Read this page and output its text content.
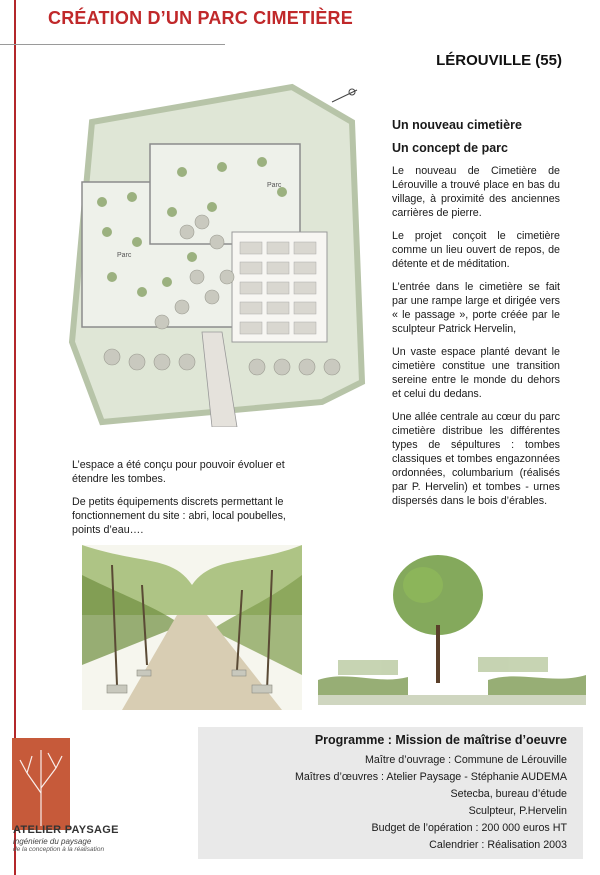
CRÉATION D’UN PARC CIMETIÈRE
LÉROUVILLE (55)
Parc
Parc
Un nouveau cimetière
Un concept de parc

Le nouveau de Cimetière de Lérouville a trouvé place en bas du village, à proximité des anciennes carrières de pierre.

Le projet conçoit le cimetière comme un lieu ouvert de repos, de détente et de méditation.

L’entrée dans le cimetière se fait par une rampe large et dirigée vers « le passage », porte créée par le sculpteur Patrick Hervelin,

Un vaste espace planté devant le cimetière constitue une transition sereine entre le monde du dehors et celui du dedans.

Une allée centrale au cœur du parc cimetière distribue les différentes types de sépultures : tombes classiques et tombes engazonnées ordonnées, columbarium (réalisés par P. Hervelin) et tombes - urnes dispersés dans le bois d’érables.

L’espace a été conçu pour pouvoir évoluer et étendre les tombes.

De petits équipements discrets permettant le fonctionnement du site : abri, local poubelles, points d’eau….

Programme : Mission de maîtrise d’oeuvre
Maître d’ouvrage : Commune de Lérouville
Maîtres d’œuvres : Atelier Paysage - Stéphanie AUDEMA
Setecba, bureau d’étude
Sculpteur, P.Hervelin
Budget de l’opération : 200 000 euros HT
Calendrier : Réalisation 2003
ATELIER PAYSAGE
ingénierie du paysage
de la conception à la réalisation
